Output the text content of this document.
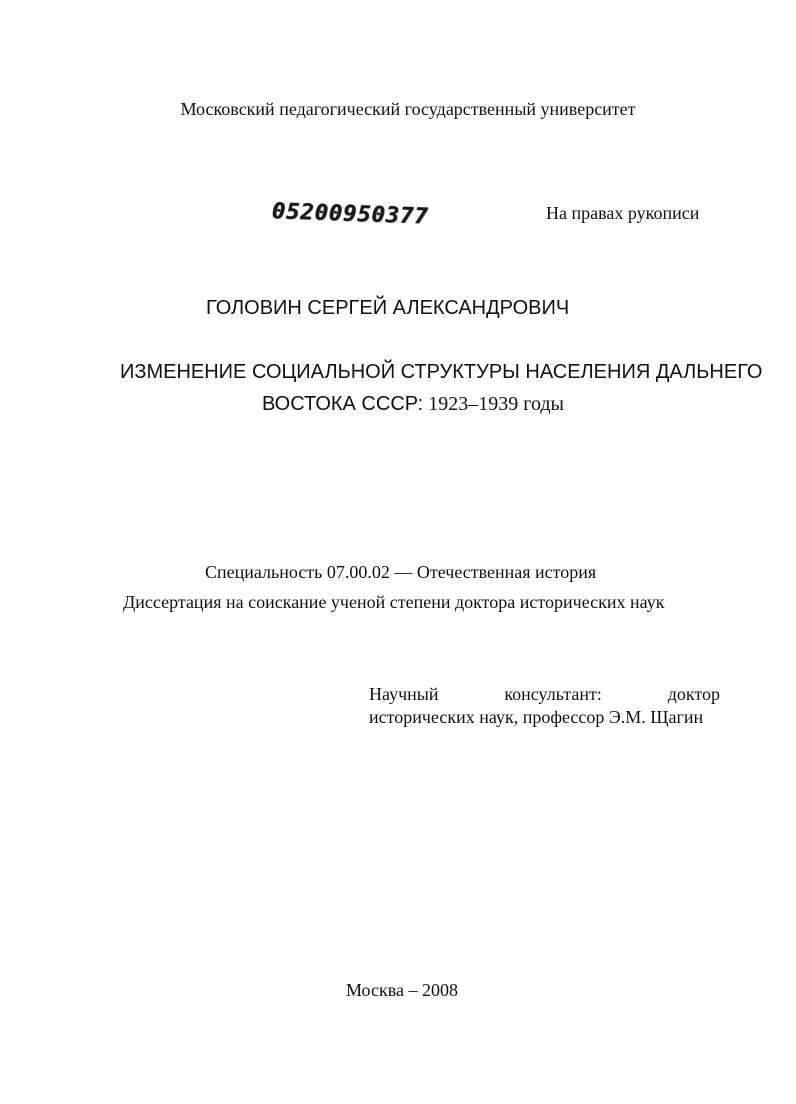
Московский педагогический государственный университет
05200950377	На правах рукописи
ГОЛОВИН СЕРГЕЙ АЛЕКСАНДРОВИЧ
ИЗМЕНЕНИЕ СОЦИАЛЬНОЙ СТРУКТУРЫ НАСЕЛЕНИЯ ДАЛЬНЕГО
ВОСТОКА СССР: 1923–1939 годы
Специальность 07.00.02 — Отечественная история
Диссертация на соискание ученой степени доктора исторических наук
Научный	консультант:	доктор
исторических наук, профессор Э.М. Щагин
Москва – 2008
